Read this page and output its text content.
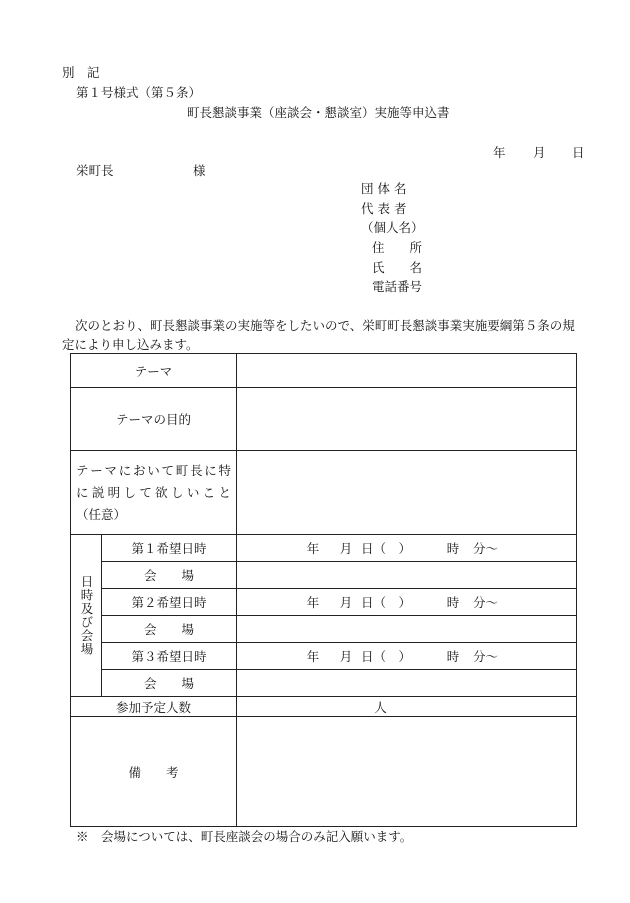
別　記
第１号様式（第５条）
町長懇談事業（座談会・懇談室）実施等申込書
年 月 日
栄町長	様
団 体 名
代 表 者
（個人名）
住　　所
氏　　名
電話番号
次のとおり、町長懇談事業の実施等をしたいので、栄町町長懇談事業実施要綱第５条の規定により申し込みます。
テーマ		
テーマの目的		

テーマにおいて町長に特
に説明して欲しいこと
（任意）		

日時及び会場	第１希望日時	年 月 日（　） 時 分～

	会　　場	
	第２希望日時	年 月 日（　） 時 分～

	会　　場	
	第３希望日時	年 月 日（　） 時 分～

	会　　場	
参加予定人数		人
備　　考		
※　会場については、町長座談会の場合のみ記入願います。
